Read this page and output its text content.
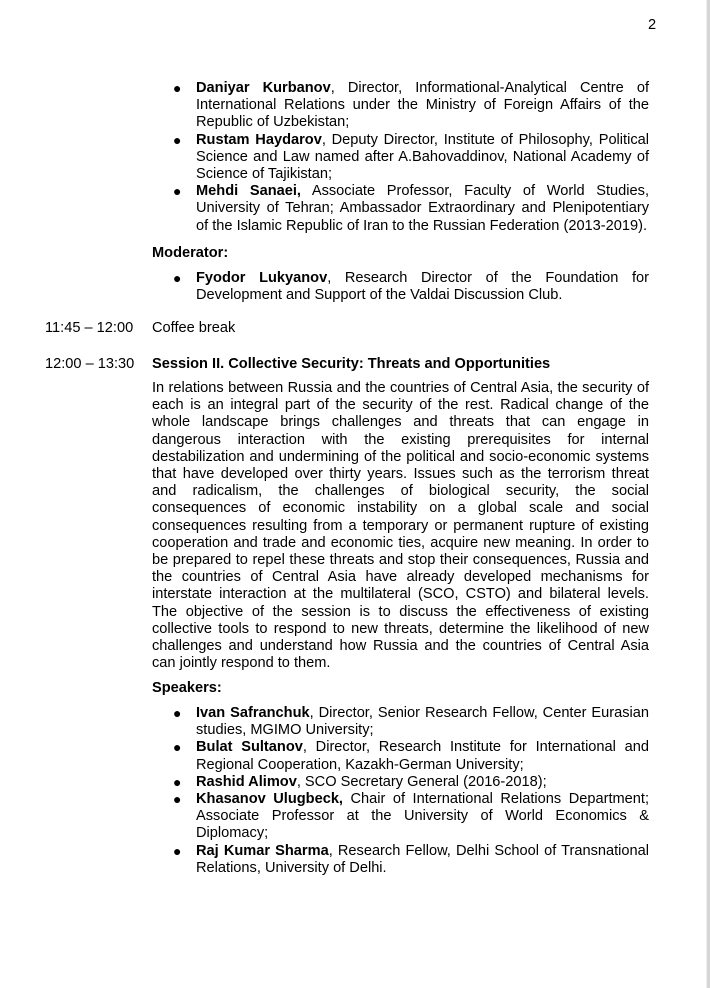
2
● Daniyar Kurbanov, Director, Informational-Analytical Centre of International Relations under the Ministry of Foreign Affairs of the Republic of Uzbekistan;
● Rustam Haydarov, Deputy Director, Institute of Philosophy, Political Science and Law named after A.Bahovaddinov, National Academy of Science of Tajikistan;
● Mehdi Sanaei, Associate Professor, Faculty of World Studies, University of Tehran; Ambassador Extraordinary and Plenipotentiary of the Islamic Republic of Iran to the Russian Federation (2013-2019).
Moderator:
● Fyodor Lukyanov, Research Director of the Foundation for Development and Support of the Valdai Discussion Club.
11:45 – 12:00 Coffee break
12:00 – 13:30 Session II. Collective Security: Threats and Opportunities
In relations between Russia and the countries of Central Asia, the security of each is an integral part of the security of the rest. Radical change of the whole landscape brings challenges and threats that can engage in dangerous interaction with the existing prerequisites for internal destabilization and undermining of the political and socio-economic systems that have developed over thirty years. Issues such as the terrorism threat and radicalism, the challenges of biological security, the social consequences of economic instability on a global scale and social consequences resulting from a temporary or permanent rupture of existing cooperation and trade and economic ties, acquire new meaning. In order to be prepared to repel these threats and stop their consequences, Russia and the countries of Central Asia have already developed mechanisms for interstate interaction at the multilateral (SCO, CSTO) and bilateral levels. The objective of the session is to discuss the effectiveness of existing collective tools to respond to new threats, determine the likelihood of new challenges and understand how Russia and the countries of Central Asia can jointly respond to them.
Speakers:
● Ivan Safranchuk, Director, Senior Research Fellow, Center Eurasian studies, MGIMO University;
● Bulat Sultanov, Director, Research Institute for International and Regional Cooperation, Kazakh-German University;
● Rashid Alimov, SCO Secretary General (2016-2018);
● Khasanov Ulugbeck, Chair of International Relations Department; Associate Professor at the University of World Economics & Diplomacy;
● Raj Kumar Sharma, Research Fellow, Delhi School of Transnational Relations, University of Delhi.
